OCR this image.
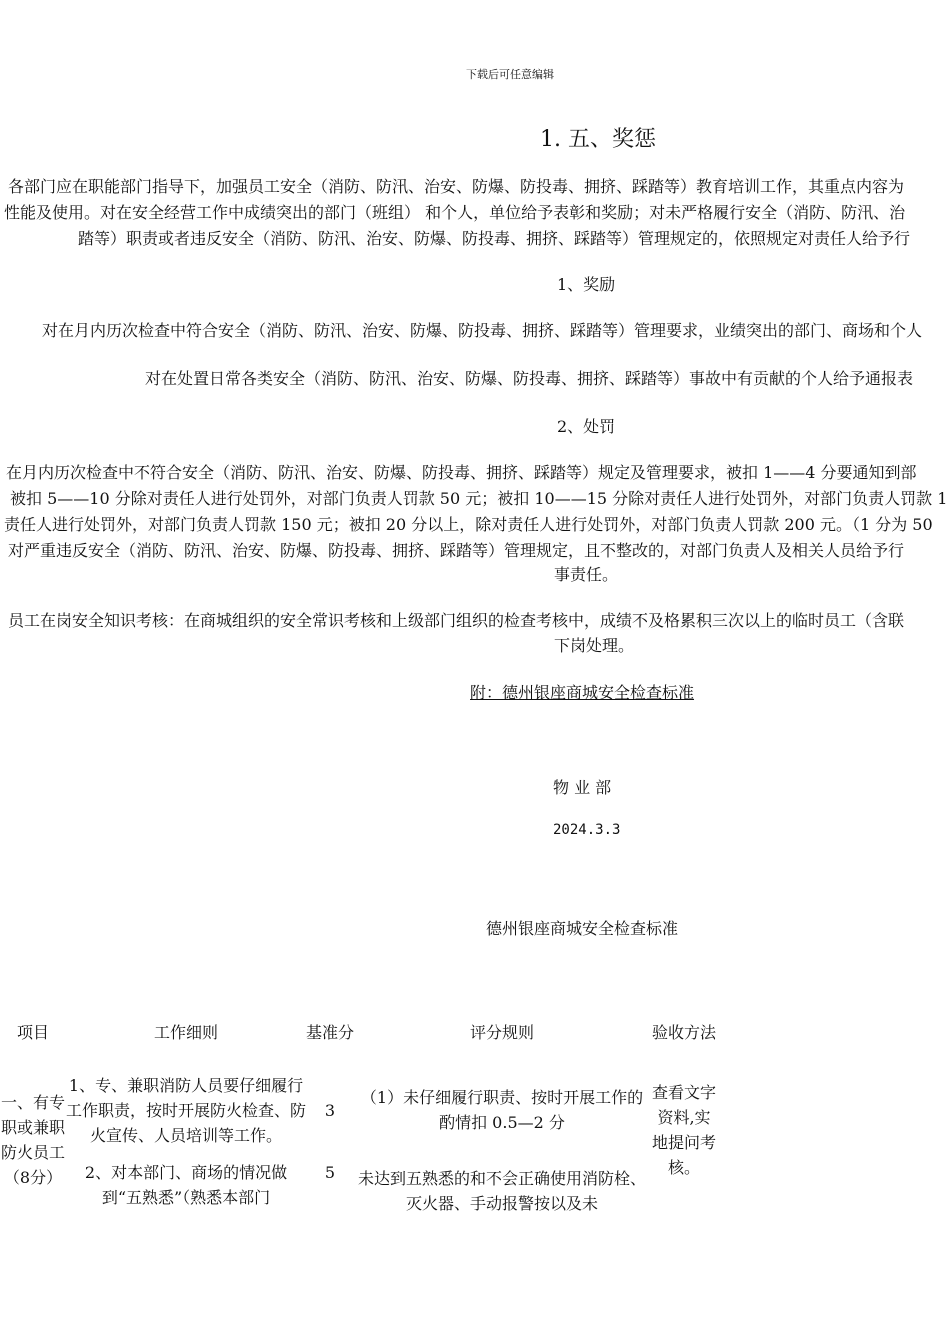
下载后可任意编辑
1. 五、奖惩
各部门应在职能部门指导下，加强员工安全（消防、防汛、治安、防爆、防投毒、拥挤、踩踏等）教育培训工作，其重点内容为
性能及使用。对在安全经营工作中成绩突出的部门（班组） 和个人，单位给予表彰和奖励；对未严格履行安全（消防、防汛、治
踏等）职责或者违反安全（消防、防汛、治安、防爆、防投毒、拥挤、踩踏等）管理规定的，依照规定对责任人给予行
1、奖励
对在月内历次检查中符合安全（消防、防汛、治安、防爆、防投毒、拥挤、踩踏等）管理要求，业绩突出的部门、商场和个人
对在处置日常各类安全（消防、防汛、治安、防爆、防投毒、拥挤、踩踏等）事故中有贡献的个人给予通报表
2、处罚
在月内历次检查中不符合安全（消防、防汛、治安、防爆、防投毒、拥挤、踩踏等）规定及管理要求，被扣 1——4 分要通知到部
被扣 5——10 分除对责任人进行处罚外，对部门负责人罚款 50 元；被扣 10——15 分除对责任人进行处罚外，对部门负责人罚款 1
责任人进行处罚外，对部门负责人罚款 150 元；被扣 20 分以上，除对责任人进行处罚外，对部门负责人罚款 200 元。（1 分为 50
对严重违反安全（消防、防汛、治安、防爆、防投毒、拥挤、踩踏等）管理规定，且不整改的，对部门负责人及相关人员给予行
事责任。
员工在岗安全知识考核：在商城组织的安全常识考核和上级部门组织的检查考核中，成绩不及格累积三次以上的临时员工（含联
下岗处理。
附：德州银座商城安全检查标准
物 业 部
2024.3.3
德州银座商城安全检查标准
项目	工作细则	基准分	评分规则	验收方法
一、有专职或兼职防火员工（8分）	1、专、兼职消防人员要仔细履行工作职责，按时开展防火检查、防火宣传、人员培训等工作。	3	（1）未仔细履行职责、按时开展工作的酌情扣 0.5—2 分	查看文字资料,实地提问考核。
	2、对本部门、商场的情况做到“五熟悉”（熟悉本部门	5	未达到五熟悉的和不会正确使用消防栓、灭火器、手动报警按以及未	
